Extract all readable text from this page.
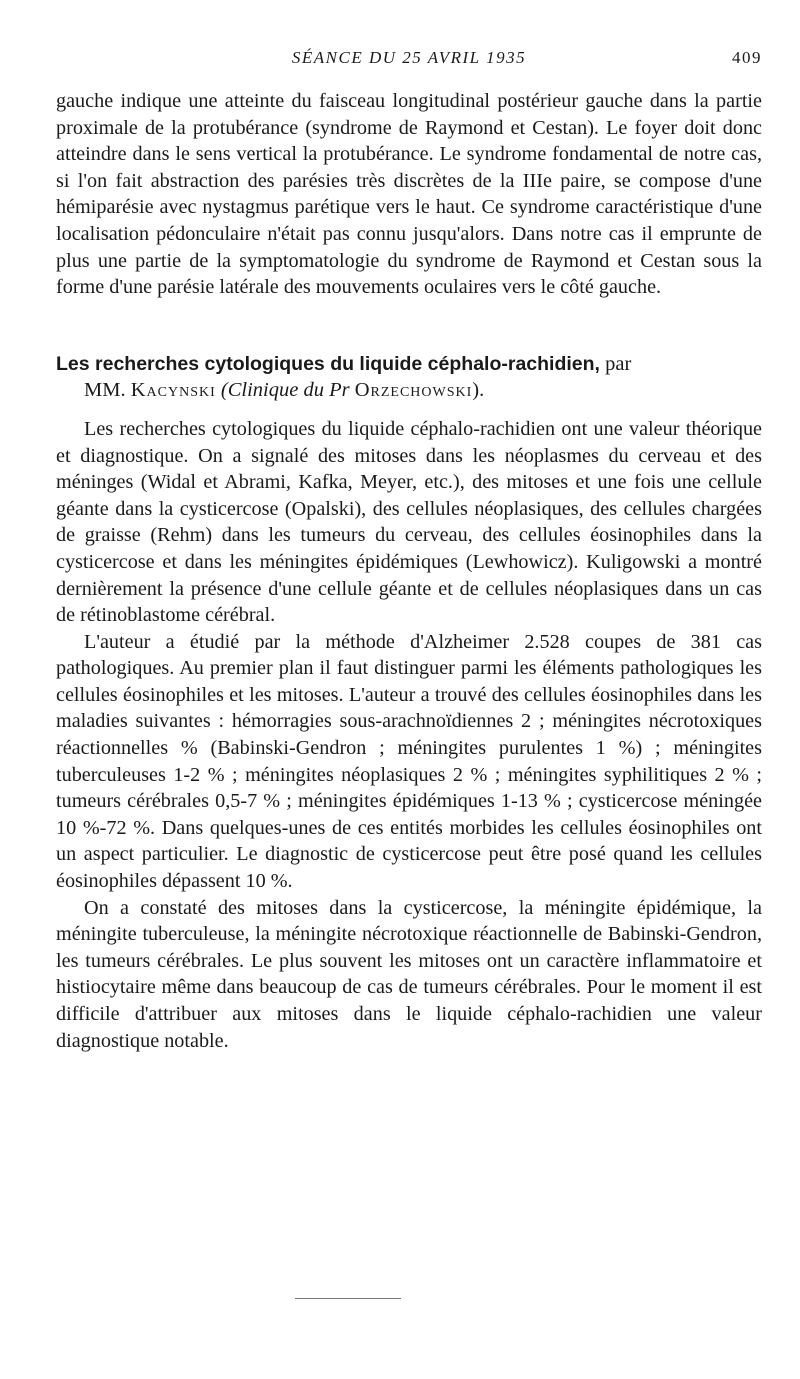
SÉANCE DU 25 AVRIL 1935	409

gauche indique une atteinte du faisceau longitudinal postérieur gauche dans la partie proximale de la protubérance (syndrome de Raymond et Cestan). Le foyer doit donc atteindre dans le sens vertical la protubérance. Le syndrome fondamental de notre cas, si l'on fait abstraction des parésies très discrètes de la IIIe paire, se compose d'une hémiparésie avec nystagmus parétique vers le haut. Ce syndrome caractéristique d'une localisation pédonculaire n'était pas connu jusqu'alors. Dans notre cas il emprunte de plus une partie de la symptomatologie du syndrome de Raymond et Cestan sous la forme d'une parésie latérale des mouvements oculaires vers le côté gauche.

Les recherches cytologiques du liquide céphalo-rachidien, par
MM. Kacynski (Clinique du Pr Orzechowski).

Les recherches cytologiques du liquide céphalo-rachidien ont une valeur théorique et diagnostique. On a signalé des mitoses dans les néoplasmes du cerveau et des méninges (Widal et Abrami, Kafka, Meyer, etc.), des mitoses et une fois une cellule géante dans la cysticercose (Opalski), des cellules néoplasiques, des cellules chargées de graisse (Rehm) dans les tumeurs du cerveau, des cellules éosinophiles dans la cysticercose et dans les méningites épidémiques (Lewhowicz). Kuligowski a montré dernièrement la présence d'une cellule géante et de cellules néoplasiques dans un cas de rétinoblastome cérébral.

L'auteur a étudié par la méthode d'Alzheimer 2.528 coupes de 381 cas pathologiques. Au premier plan il faut distinguer parmi les éléments pathologiques les cellules éosinophiles et les mitoses. L'auteur a trouvé des cellules éosinophiles dans les maladies suivantes : hémorragies sous-arachnoïdiennes 2 ; méningites nécrotoxiques réactionnelles % (Babinski-Gendron ; méningites purulentes 1 %) ; méningites tuberculeuses 1-2 % ; méningites néoplasiques 2 % ; méningites syphilitiques 2 % ; tumeurs cérébrales 0,5-7 % ; méningites épidémiques 1-13 % ; cysticercose méningée 10 %-72 %. Dans quelques-unes de ces entités morbides les cellules éosinophiles ont un aspect particulier. Le diagnostic de cysticercose peut être posé quand les cellules éosinophiles dépassent 10 %.

On a constaté des mitoses dans la cysticercose, la méningite épidémique, la méningite tuberculeuse, la méningite nécrotoxique réactionnelle de Babinski-Gendron, les tumeurs cérébrales. Le plus souvent les mitoses ont un caractère inflammatoire et histiocytaire même dans beaucoup de cas de tumeurs cérébrales. Pour le moment il est difficile d'attribuer aux mitoses dans le liquide céphalo-rachidien une valeur diagnostique notable.
